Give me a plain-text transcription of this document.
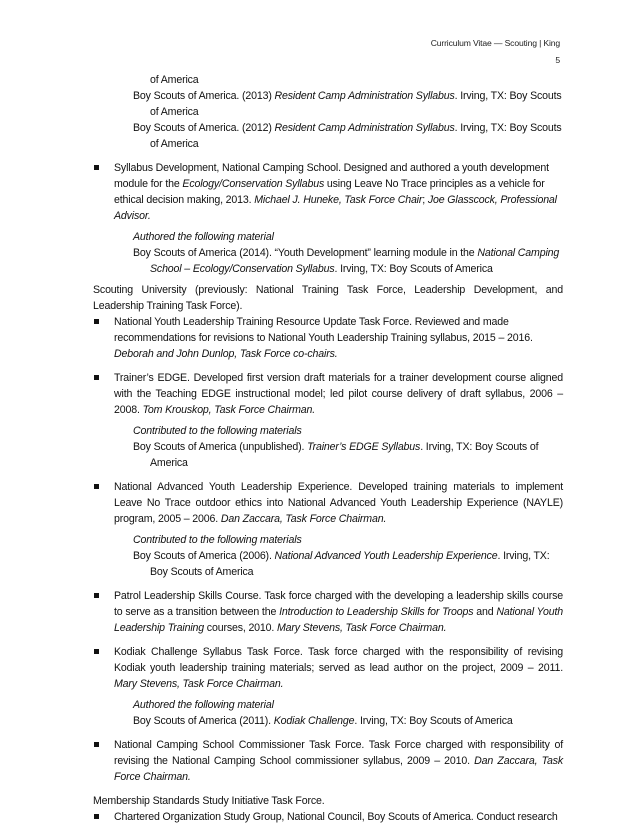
Curriculum Vitae — Scouting | King
5

of America

Boy Scouts of America. (2013) Resident Camp Administration Syllabus. Irving, TX: Boy Scouts
of America

Boy Scouts of America. (2012) Resident Camp Administration Syllabus. Irving, TX: Boy Scouts
of America

Syllabus Development, National Camping School. Designed and authored a youth development module for the Ecology/Conservation Syllabus using Leave No Trace principles as a vehicle for ethical decision making, 2013. Michael J. Huneke, Task Force Chair; Joe Glasscock, Professional Advisor.

Authored the following material

Boy Scouts of America (2014). “Youth Development” learning module in the National Camping School – Ecology/Conservation Syllabus. Irving, TX: Boy Scouts of America

Scouting University (previously: National Training Task Force, Leadership Development, and Leadership Training Task Force).

National Youth Leadership Training Resource Update Task Force. Reviewed and made recommendations for revisions to National Youth Leadership Training syllabus, 2015 – 2016. Deborah and John Dunlop, Task Force co-chairs.

Trainer’s EDGE. Developed first version draft materials for a trainer development course aligned with the Teaching EDGE instructional model; led pilot course delivery of draft syllabus, 2006 – 2008. Tom Krouskop, Task Force Chairman.

Contributed to the following materials

Boy Scouts of America (unpublished). Trainer’s EDGE Syllabus. Irving, TX: Boy Scouts of America

National Advanced Youth Leadership Experience. Developed training materials to implement Leave No Trace outdoor ethics into National Advanced Youth Leadership Experience (NAYLE) program, 2005 – 2006. Dan Zaccara, Task Force Chairman.

Contributed to the following materials

Boy Scouts of America (2006). National Advanced Youth Leadership Experience. Irving, TX: Boy Scouts of America

Patrol Leadership Skills Course. Task force charged with the developing a leadership skills course to serve as a transition between the Introduction to Leadership Skills for Troops and National Youth Leadership Training courses, 2010. Mary Stevens, Task Force Chairman.

Kodiak Challenge Syllabus Task Force. Task force charged with the responsibility of revising Kodiak youth leadership training materials; served as lead author on the project, 2009 – 2011. Mary Stevens, Task Force Chairman.

Authored the following material

Boy Scouts of America (2011). Kodiak Challenge. Irving, TX: Boy Scouts of America

National Camping School Commissioner Task Force. Task Force charged with responsibility of revising the National Camping School commissioner syllabus, 2009 – 2010. Dan Zaccara, Task Force Chairman.

Membership Standards Study Initiative Task Force.

Chartered Organization Study Group, National Council, Boy Scouts of America. Conduct research
